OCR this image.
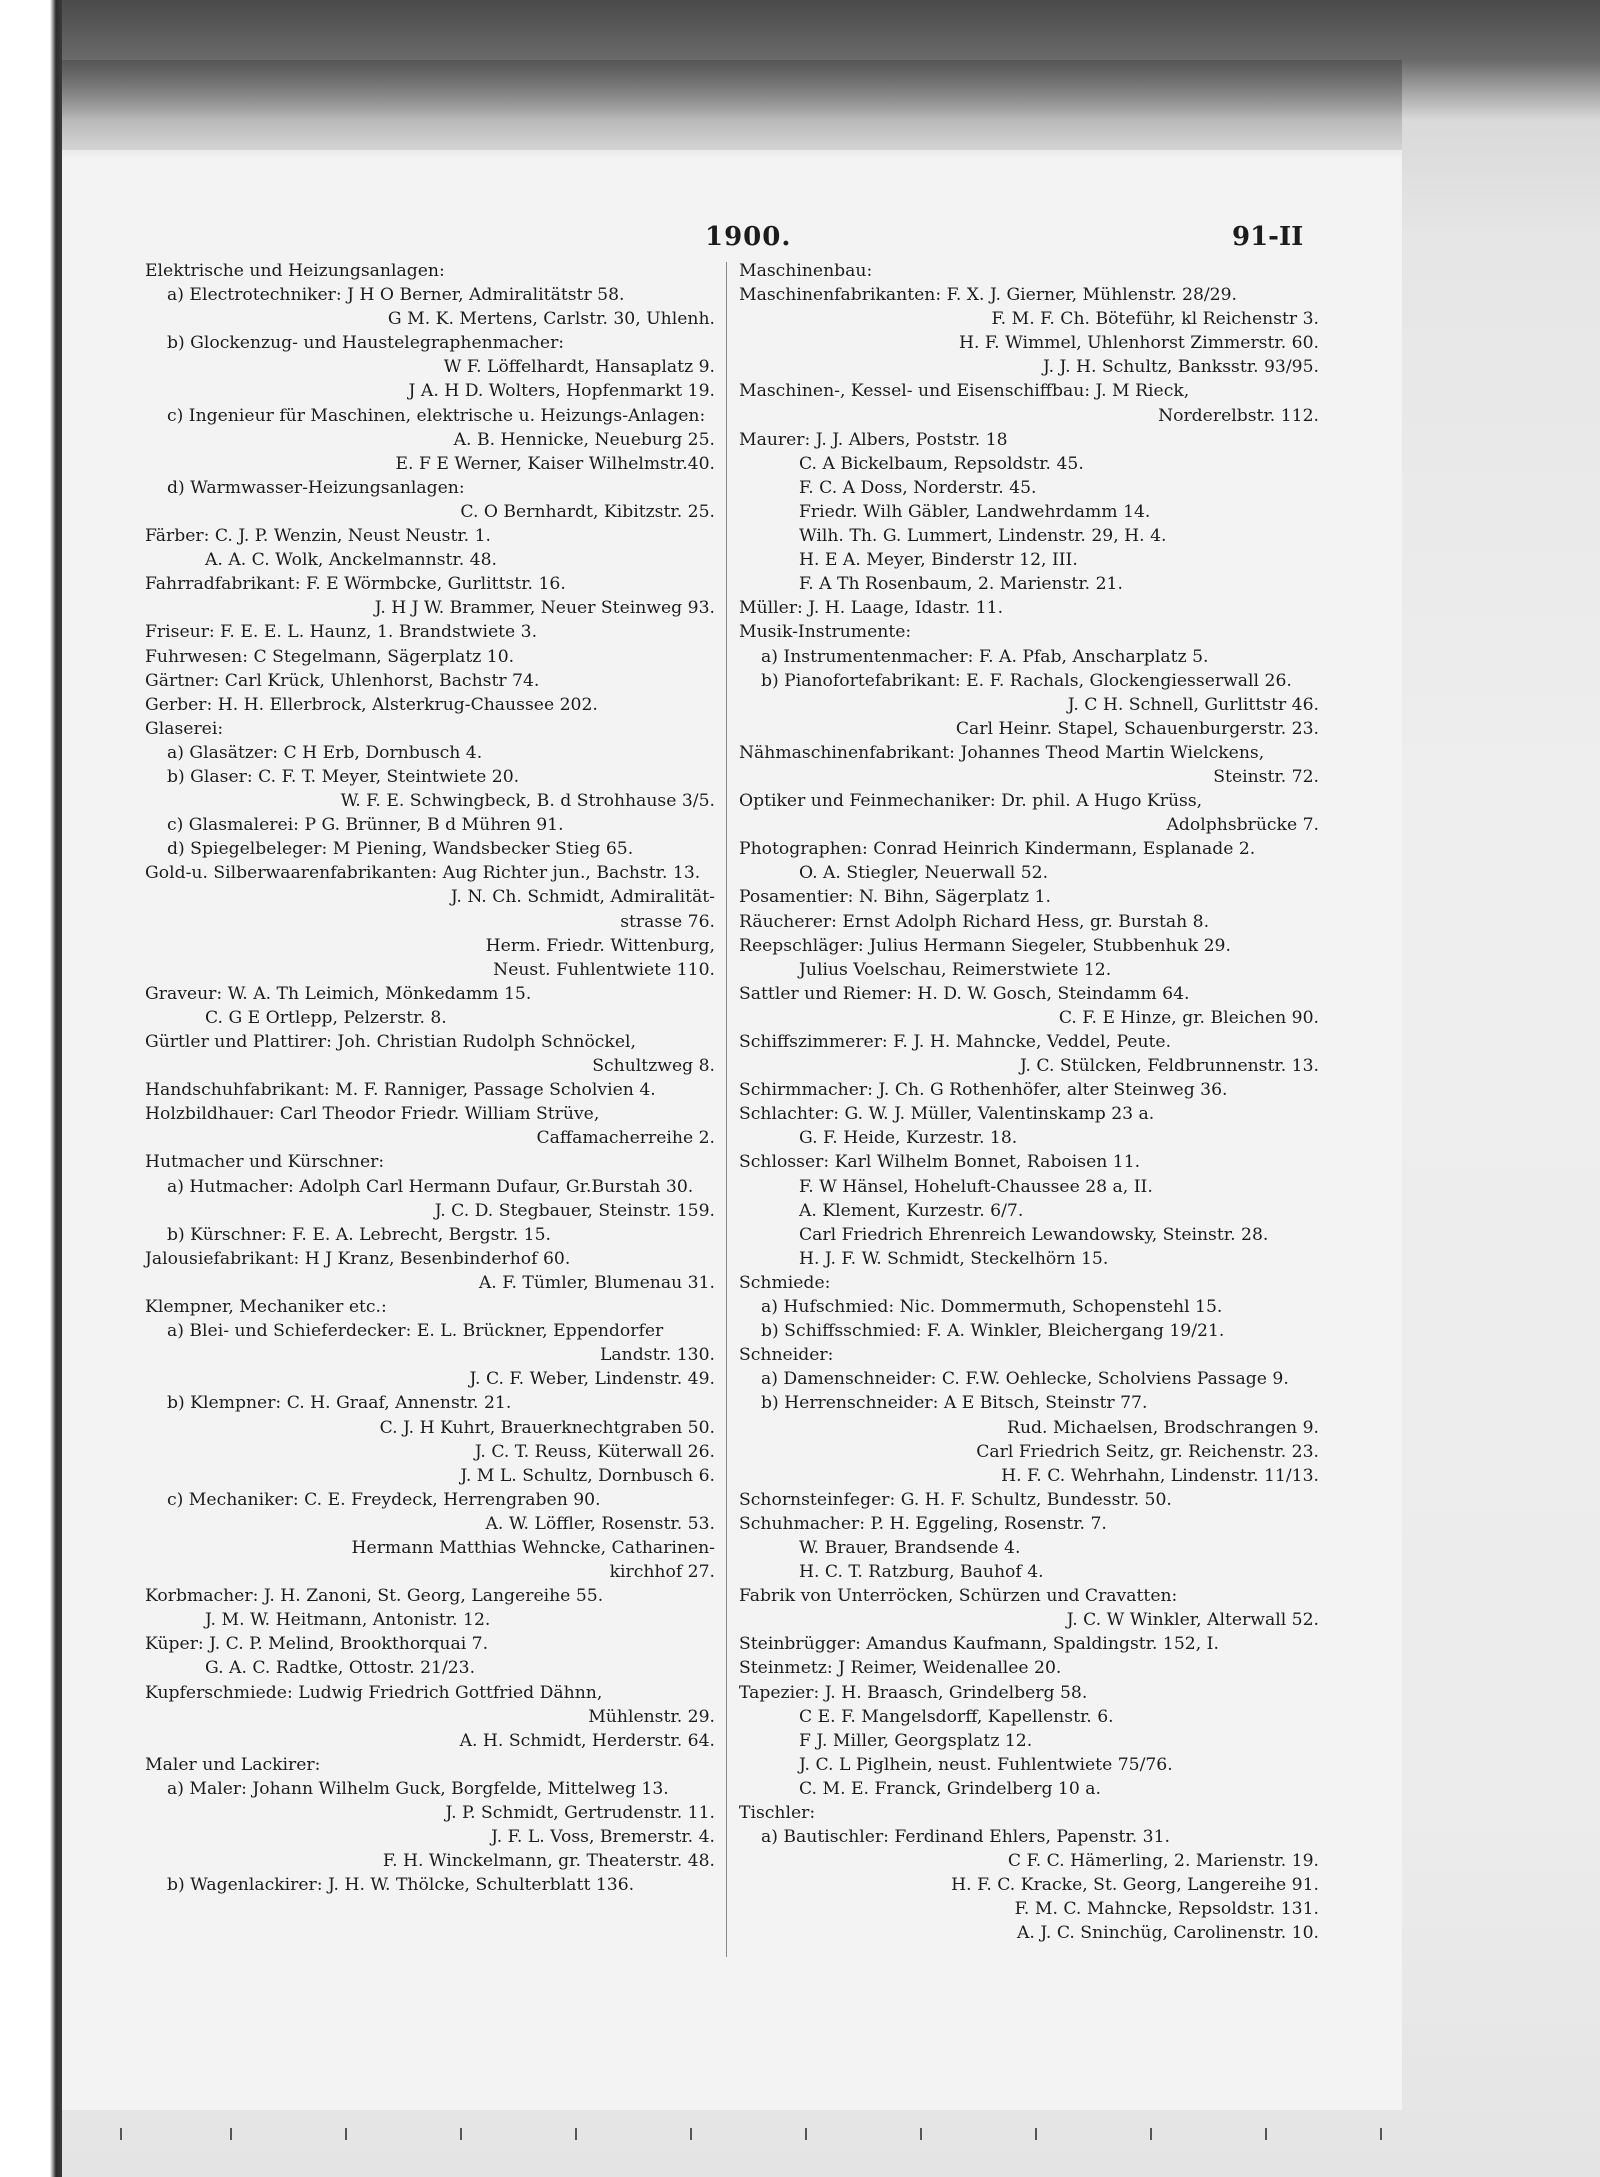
1900.	91-II
Elektrische und Heizungsanlagen:
a) Electrotechniker: J H O Berner, Admiralitätstr 58.
G M. K. Mertens, Carlstr. 30, Uhlenh.
b) Glockenzug- und Haustelegraphenmacher:
W F. Löffelhardt, Hansaplatz 9.
J A. H D. Wolters, Hopfenmarkt 19.
c) Ingenieur für Maschinen, elektrische u. Heizungs-Anlagen:
A. B. Hennicke, Neueburg 25.
E. F E Werner, Kaiser Wilhelmstr.40.
d) Warmwasser-Heizungsanlagen:
C. O Bernhardt, Kibitzstr. 25.
Färber: C. J. P. Wenzin, Neust Neustr. 1.
A. A. C. Wolk, Anckelmannstr. 48.
Fahrradfabrikant: F. E Wörmbcke, Gurlittstr. 16.
J. H J W. Brammer, Neuer Steinweg 93.
Friseur: F. E. E. L. Haunz, 1. Brandstwiete 3.
Fuhrwesen: C Stegelmann, Sägerplatz 10.
Gärtner: Carl Krück, Uhlenhorst, Bachstr 74.
Gerber: H. H. Ellerbrock, Alsterkrug-Chaussee 202.
Glaserei:
a) Glasätzer: C H Erb, Dornbusch 4.
b) Glaser: C. F. T. Meyer, Steintwiete 20.
W. F. E. Schwingbeck, B. d Strohhause 3/5.
c) Glasmalerei: P G. Brünner, B d Mühren 91.
d) Spiegelbeleger: M Piening, Wandsbecker Stieg 65.
Gold-u. Silberwaarenfabrikanten: Aug Richter jun., Bachstr. 13.
J. N. Ch. Schmidt, Admiralität-
strasse 76.
Herm. Friedr. Wittenburg,
Neust. Fuhlentwiete 110.
Graveur: W. A. Th Leimich, Mönkedamm 15.
C. G E Ortlepp, Pelzerstr. 8.
Gürtler und Plattirer: Joh. Christian Rudolph Schnöckel,
Schultzweg 8.
Handschuhfabrikant: M. F. Ranniger, Passage Scholvien 4.
Holzbildhauer: Carl Theodor Friedr. William Strüve,
Caffamacherreihe 2.
Hutmacher und Kürschner:
a) Hutmacher: Adolph Carl Hermann Dufaur, Gr.Burstah 30.
J. C. D. Stegbauer, Steinstr. 159.
b) Kürschner: F. E. A. Lebrecht, Bergstr. 15.
Jalousiefabrikant: H J Kranz, Besenbinderhof 60.
A. F. Tümler, Blumenau 31.
Klempner, Mechaniker etc.:
a) Blei- und Schieferdecker: E. L. Brückner, Eppendorfer
Landstr. 130.
J. C. F. Weber, Lindenstr. 49.
b) Klempner: C. H. Graaf, Annenstr. 21.
C. J. H Kuhrt, Brauerknechtgraben 50.
J. C. T. Reuss, Küterwall 26.
J. M L. Schultz, Dornbusch 6.
c) Mechaniker: C. E. Freydeck, Herrengraben 90.
A. W. Löffler, Rosenstr. 53.
Hermann Matthias Wehncke, Catharinen-
kirchhof 27.
Korbmacher: J. H. Zanoni, St. Georg, Langereihe 55.
J. M. W. Heitmann, Antonistr. 12.
Küper: J. C. P. Melind, Brookthorquai 7.
G. A. C. Radtke, Ottostr. 21/23.
Kupferschmiede: Ludwig Friedrich Gottfried Dähnn,
Mühlenstr. 29.
A. H. Schmidt, Herderstr. 64.
Maler und Lackirer:
a) Maler: Johann Wilhelm Guck, Borgfelde, Mittelweg 13.
J. P. Schmidt, Gertrudenstr. 11.
J. F. L. Voss, Bremerstr. 4.
F. H. Winckelmann, gr. Theaterstr. 48.
b) Wagenlackirer: J. H. W. Thölcke, Schulterblatt 136.
Maschinenbau:
Maschinenfabrikanten: F. X. J. Gierner, Mühlenstr. 28/29.
F. M. F. Ch. Böteführ, kl Reichenstr 3.
H. F. Wimmel, Uhlenhorst Zimmerstr. 60.
J. J. H. Schultz, Banksstr. 93/95.
Maschinen-, Kessel- und Eisenschiffbau: J. M Rieck,
Norderelbstr. 112.
Maurer: J. J. Albers, Poststr. 18
C. A Bickelbaum, Repsoldstr. 45.
F. C. A Doss, Norderstr. 45.
Friedr. Wilh Gäbler, Landwehrdamm 14.
Wilh. Th. G. Lummert, Lindenstr. 29, H. 4.
H. E A. Meyer, Binderstr 12, III.
F. A Th Rosenbaum, 2. Marienstr. 21.
Müller: J. H. Laage, Idastr. 11.
Musik-Instrumente:
a) Instrumentenmacher: F. A. Pfab, Anscharplatz 5.
b) Pianofortefabrikant: E. F. Rachals, Glockengiesserwall 26.
J. C H. Schnell, Gurlittstr 46.
Carl Heinr. Stapel, Schauenburgerstr. 23.
Nähmaschinenfabrikant: Johannes Theod Martin Wielckens,
Steinstr. 72.
Optiker und Feinmechaniker: Dr. phil. A Hugo Krüss,
Adolphsbrücke 7.
Photographen: Conrad Heinrich Kindermann, Esplanade 2.
O. A. Stiegler, Neuerwall 52.
Posamentier: N. Bihn, Sägerplatz 1.
Räucherer: Ernst Adolph Richard Hess, gr. Burstah 8.
Reepschläger: Julius Hermann Siegeler, Stubbenhuk 29.
Julius Voelschau, Reimerstwiete 12.
Sattler und Riemer: H. D. W. Gosch, Steindamm 64.
C. F. E Hinze, gr. Bleichen 90.
Schiffszimmerer: F. J. H. Mahncke, Veddel, Peute.
J. C. Stülcken, Feldbrunnenstr. 13.
Schirmmacher: J. Ch. G Rothenhöfer, alter Steinweg 36.
Schlachter: G. W. J. Müller, Valentinskamp 23 a.
G. F. Heide, Kurzestr. 18.
Schlosser: Karl Wilhelm Bonnet, Raboisen 11.
F. W Hänsel, Hoheluft-Chaussee 28 a, II.
A. Klement, Kurzestr. 6/7.
Carl Friedrich Ehrenreich Lewandowsky, Steinstr. 28.
H. J. F. W. Schmidt, Steckelhörn 15.
Schmiede:
a) Hufschmied: Nic. Dommermuth, Schopenstehl 15.
b) Schiffsschmied: F. A. Winkler, Bleichergang 19/21.
Schneider:
a) Damenschneider: C. F.W. Oehlecke, Scholviens Passage 9.
b) Herrenschneider: A E Bitsch, Steinstr 77.
Rud. Michaelsen, Brodschrangen 9.
Carl Friedrich Seitz, gr. Reichenstr. 23.
H. F. C. Wehrhahn, Lindenstr. 11/13.
Schornsteinfeger: G. H. F. Schultz, Bundesstr. 50.
Schuhmacher: P. H. Eggeling, Rosenstr. 7.
W. Brauer, Brandsende 4.
H. C. T. Ratzburg, Bauhof 4.
Fabrik von Unterröcken, Schürzen und Cravatten:
J. C. W Winkler, Alterwall 52.
Steinbrügger: Amandus Kaufmann, Spaldingstr. 152, I.
Steinmetz: J Reimer, Weidenallee 20.
Tapezier: J. H. Braasch, Grindelberg 58.
C E. F. Mangelsdorff, Kapellenstr. 6.
F J. Miller, Georgsplatz 12.
J. C. L Piglhein, neust. Fuhlentwiete 75/76.
C. M. E. Franck, Grindelberg 10 a.
Tischler:
a) Bautischler: Ferdinand Ehlers, Papenstr. 31.
C F. C. Hämerling, 2. Marienstr. 19.
H. F. C. Kracke, St. Georg, Langereihe 91.
F. M. C. Mahncke, Repsoldstr. 131.
A. J. C. Sninchüg, Carolinenstr. 10.
